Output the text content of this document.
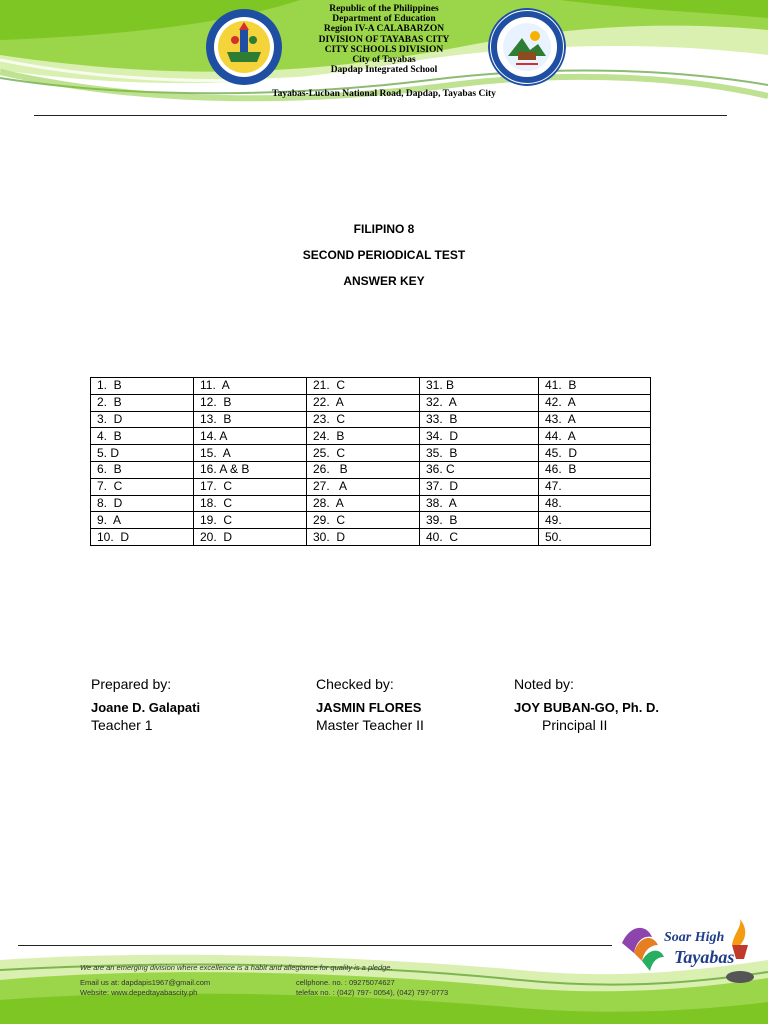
Republic of the Philippines
Department of Education
Region IV-A CALABARZON
DIVISION OF TAYABAS CITY
CITY SCHOOLS DIVISION
City of Tayabas
Dapdap Integrated School
Tayabas-Lucban National Road, Dapdap, Tayabas City
FILIPINO 8
SECOND PERIODICAL TEST
ANSWER KEY
1.  B	11.  A	21.  C	31. B	41.  B
2.  B	12.  B	22.  A	32.  A	42.  A
3.  D	13.  B	23.  C	33.  B	43.  A
4.  B	14. A	24.  B	34.  D	44.  A
5. D	15.  A	25.  C	35.  B	45.  D
6.  B	16. A & B	26.   B	36. C	46.  B
7.  C	17.  C	27.   A	37.  D	47.
8.  D	18.  C	28.  A	38.  A	48.
9.  A	19.  C	29.  C	39.  B	49.
10.  D	20.  D	30.  D	40.  C	50.
Prepared by:
Joane D. Galapati
Teacher 1
Checked by:
JASMIN FLORES
Master Teacher II
Noted by:
JOY BUBAN-GO, Ph. D.
Principal II
Soar High
Tayabas
We are an emerging division where excellence is a habit and allegiance for quality is a pledge.
Email us at: dapdapis1967@gmail.com
Website: www.depedtayabascity.ph
cellphone. no. : 09275074627
telefax no. : (042) 797- 0054), (042) 797-0773
